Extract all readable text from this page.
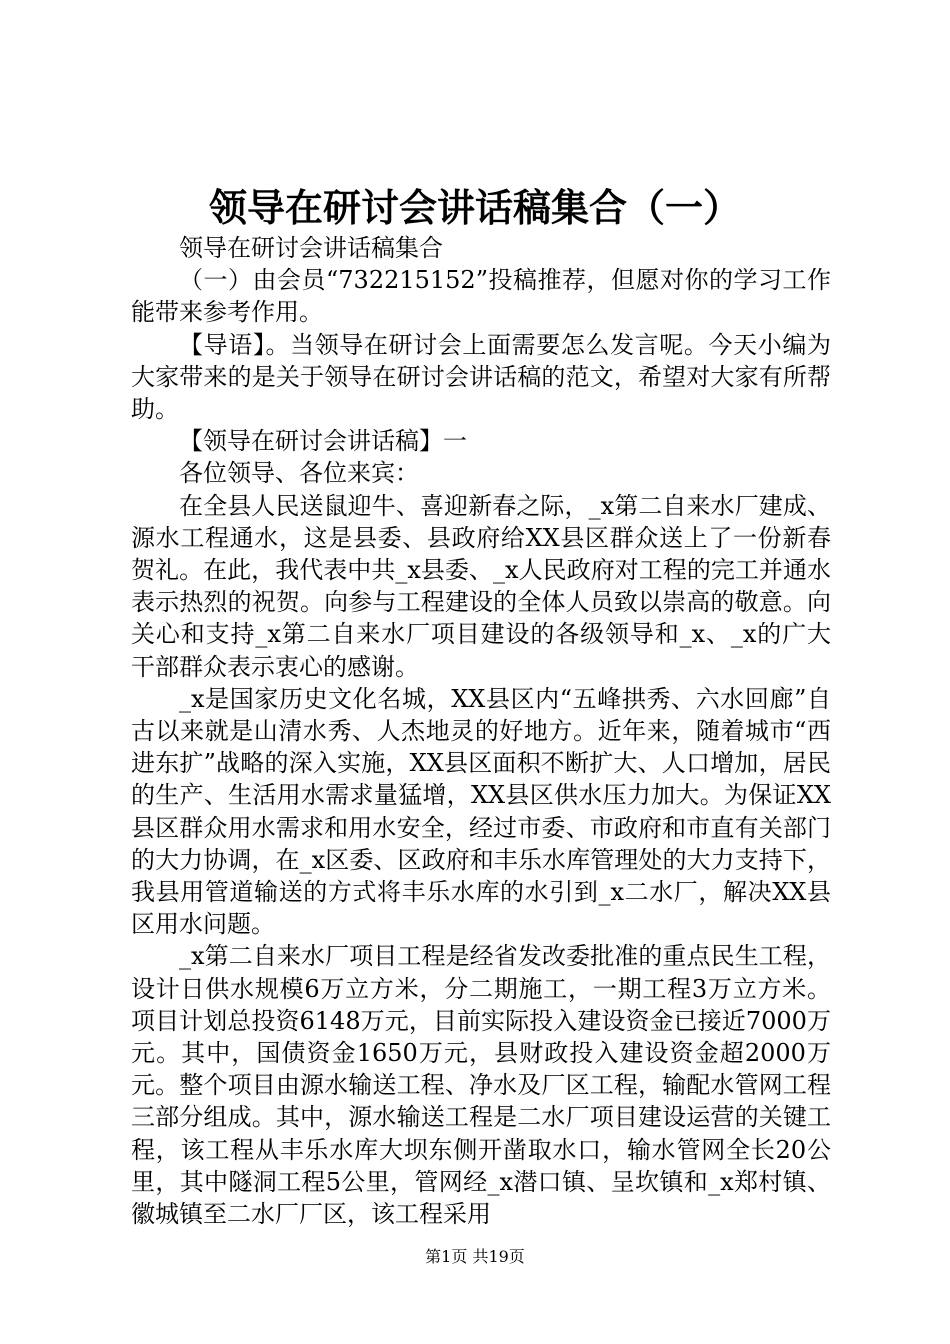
领导在研讨会讲话稿集合（一）

领导在研讨会讲话稿集合

（一）由会员“732215152”投稿推荐，但愿对你的学习工作能带来参考作用。

【导语】。当领导在研讨会上面需要怎么发言呢。今天小编为大家带来的是关于领导在研讨会讲话稿的范文，希望对大家有所帮助。

【领导在研讨会讲话稿】一

各位领导、各位来宾：

在全县人民送鼠迎牛、喜迎新春之际，_x第二自来水厂建成、源水工程通水，这是县委、县政府给XX县区群众送上了一份新春贺礼。在此，我代表中共_x县委、_x人民政府对工程的完工并通水表示热烈的祝贺。向参与工程建设的全体人员致以崇高的敬意。向关心和支持_x第二自来水厂项目建设的各级领导和_x、_x的广大干部群众表示衷心的感谢。

_x是国家历史文化名城，XX县区内“五峰拱秀、六水回廊”自古以来就是山清水秀、人杰地灵的好地方。近年来，随着城市“西进东扩”战略的深入实施，XX县区面积不断扩大、人口增加，居民的生产、生活用水需求量猛增，XX县区供水压力加大。为保证XX县区群众用水需求和用水安全，经过市委、市政府和市直有关部门的大力协调，在_x区委、区政府和丰乐水库管理处的大力支持下，我县用管道输送的方式将丰乐水库的水引到_x二水厂，解决XX县区用水问题。

_x第二自来水厂项目工程是经省发改委批准的重点民生工程，设计日供水规模6万立方米，分二期施工，一期工程3万立方米。项目计划总投资6148万元，目前实际投入建设资金已接近7000万元。其中，国债资金1650万元，县财政投入建设资金超2000万元。整个项目由源水输送工程、净水及厂区工程，输配水管网工程三部分组成。其中，源水输送工程是二水厂项目建设运营的关键工程，该工程从丰乐水库大坝东侧开凿取水口，输水管网全长20公里，其中隧洞工程5公里，管网经_x潜口镇、呈坎镇和_x郑村镇、徽城镇至二水厂厂区，该工程采用

第1页 共19页
